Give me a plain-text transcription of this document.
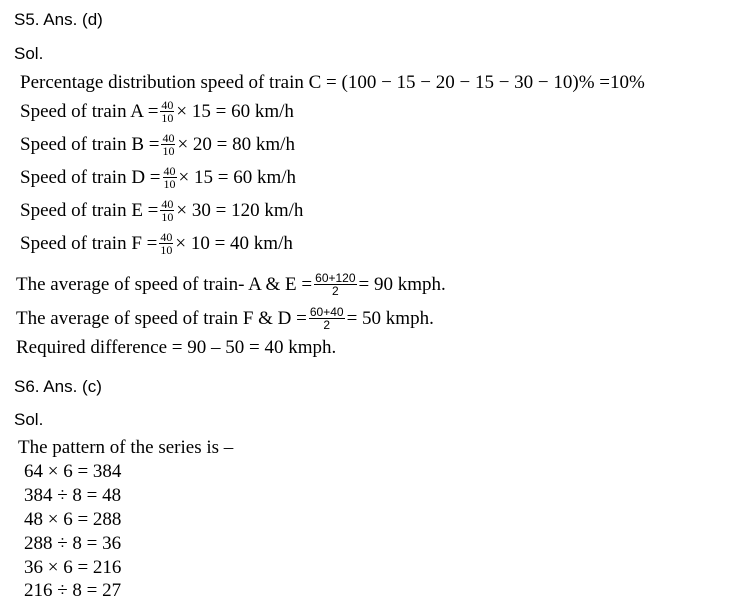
S5. Ans. (d)
Sol.
Percentage distribution speed of train C = (100 − 15 − 20 − 15 − 30 − 10)% =10%
Speed of train $A = \frac{40}{10} \times 15 = 60$ km/h
Speed of train $B = \frac{40}{10} \times 20 = 80$ km/h
Speed of train $D = \frac{40}{10} \times 15 = 60$ km/h
Speed of train $E = \frac{40}{10} \times 30 = 120$ km/h
Speed of train $F = \frac{40}{10} \times 10 = 40$ km/h
The average of speed of train- A & $E = \frac{60+120}{2} = 90$ kmph.
The average of speed of train F & $D = \frac{60+40}{2} = 50$ kmph.
Required difference = 90 – 50 = 40 kmph.
S6. Ans. (c)
Sol.
The pattern of the series is –
64 × 6 = 384
384 ÷ 8 = 48
48 × 6 = 288
288 ÷ 8 = 36
36 × 6 = 216
216 ÷ 8 = 27
